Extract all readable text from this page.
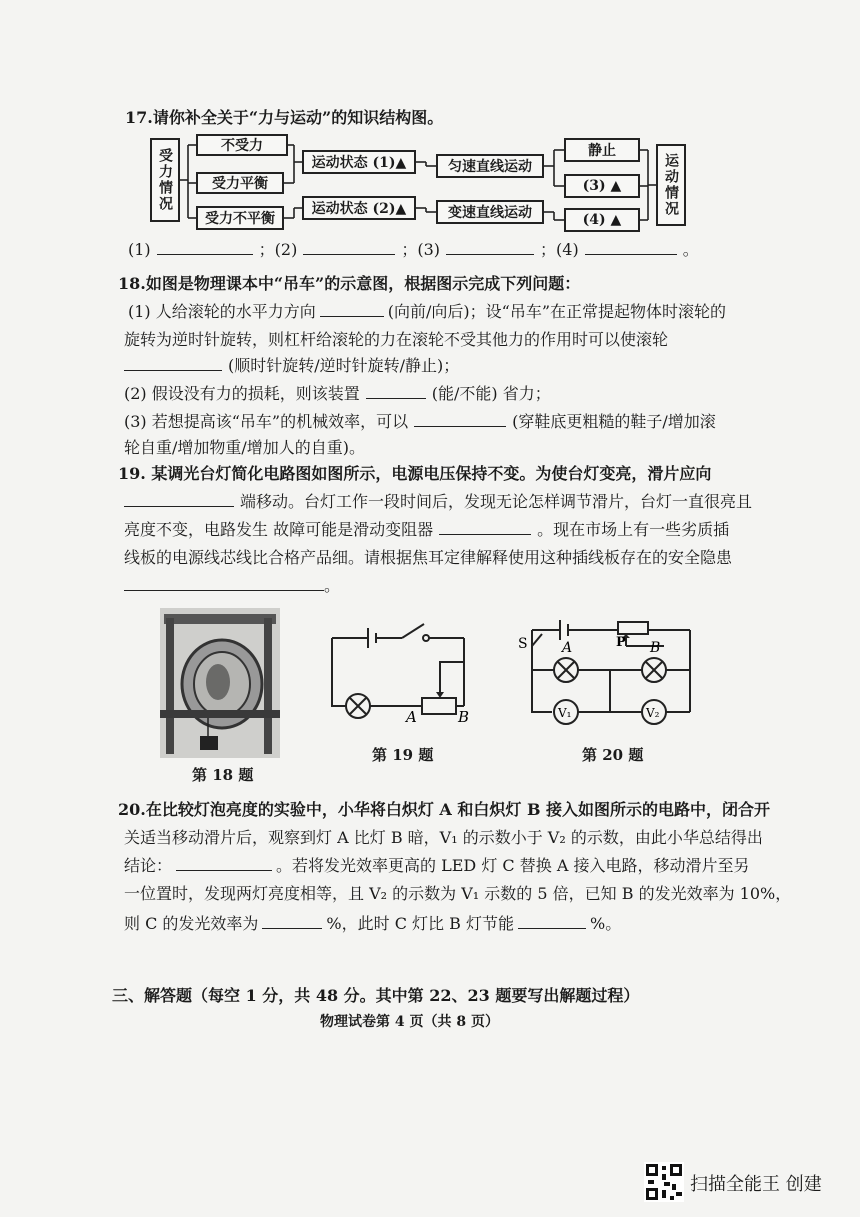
17.请你补全关于“力与运动”的知识结构图。
受力情况
不受力
受力平衡
受力不平衡
运动状态 (1)▲
运动状态 (2)▲
匀速直线运动
变速直线运动
静止
(3) ▲
(4) ▲
运动情况
(1)	；(2)	；(3)	；(4)	。
18.如图是物理课本中“吊车”的示意图，根据图示完成下列问题：
(1) 人给滚轮的水平力方向	(向前/向后)；设“吊车”在正常提起物体时滚轮的
旋转为逆时针旋转，则杠杆给滚轮的力在滚轮不受其他力的作用时可以使滚轮
(顺时针旋转/逆时针旋转/静止)；
(2) 假设没有力的损耗，则该装置	(能/不能) 省力；
(3) 若想提高该“吊车”的机械效率，可以	(穿鞋底更粗糙的鞋子/增加滚
轮自重/增加物重/增加人的自重)。
19. 某调光台灯简化电路图如图所示，电源电压保持不变。为使台灯变亮，滑片应向
端移动。台灯工作一段时间后，发现无论怎样调节滑片，台灯一直很亮且
亮度不变，电路发生 故障可能是滑动变阻器	。现在市场上有一些劣质插
线板的电源线芯线比合格产品细。请根据焦耳定律解释使用这种插线板存在的安全隐患
。
第 18 题
A	B
第 19 题
S	P
A	B
V₁	V₂
第 20 题
20.在比较灯泡亮度的实验中，小华将白炽灯 A 和白炽灯 B 接入如图所示的电路中，闭合开
关适当移动滑片后，观察到灯 A 比灯 B 暗，V₁ 的示数小于 V₂ 的示数，由此小华总结得出
结论：	。若将发光效率更高的 LED 灯 C 替换 A 接入电路，移动滑片至另
一位置时，发现两灯亮度相等，且 V₂ 的示数为 V₁ 示数的 5 倍，已知 B 的发光效率为 10%，
则 C 的发光效率为	%，此时 C 灯比 B 灯节能	%。
三、解答题（每空 1 分，共 48 分。其中第 22、23 题要写出解题过程）
物理试卷第 4 页（共 8 页）
扫描全能王 创建
